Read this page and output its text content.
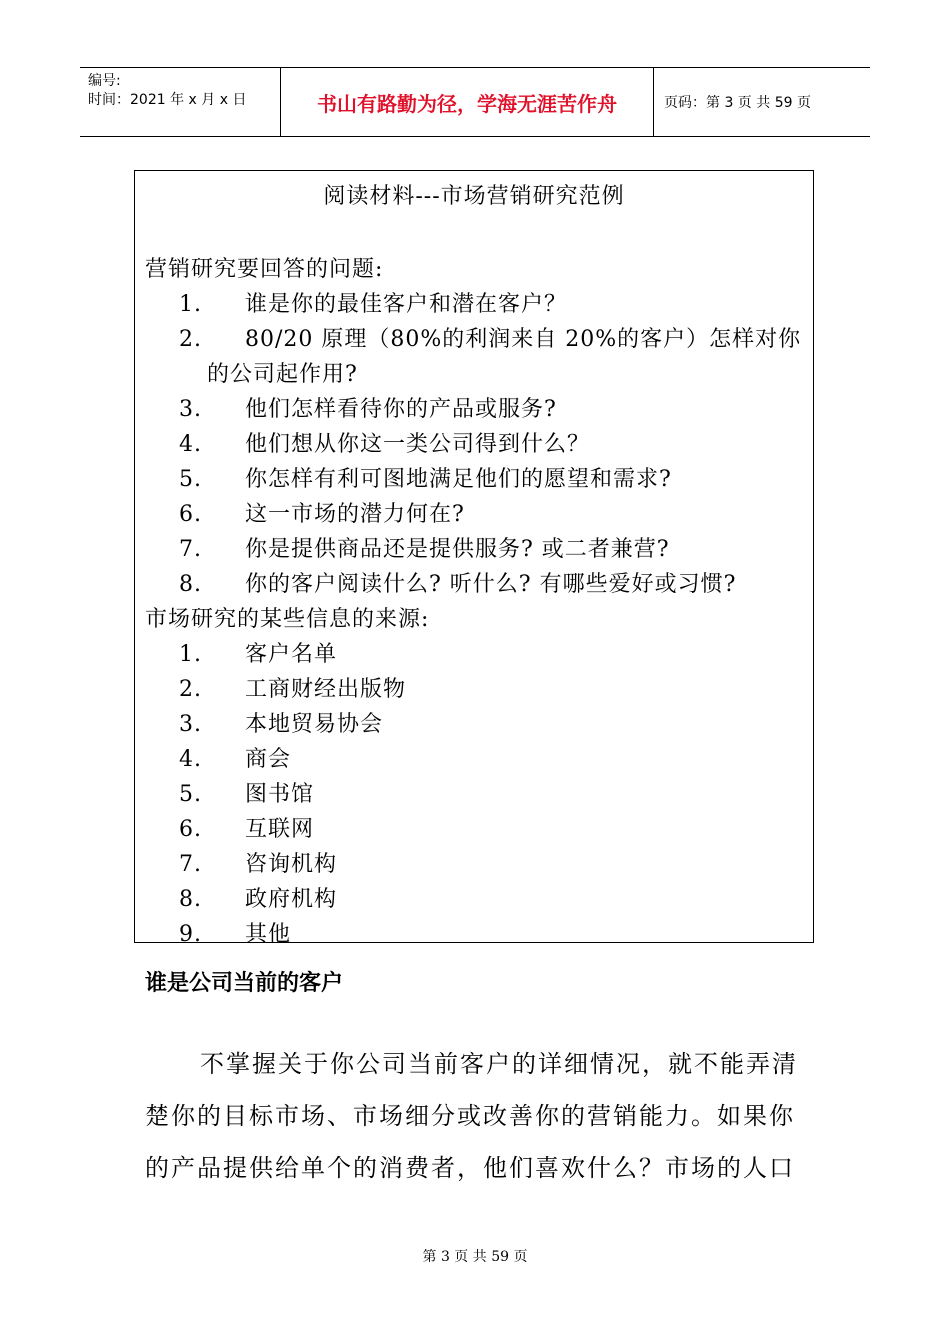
编号:
时间：2021 年 x 月 x 日	书山有路勤为径，学海无涯苦作舟	页码：第 3 页 共 59 页
阅读材料---市场营销研究范例
营销研究要回答的问题:
1. 谁是你的最佳客户和潜在客户？
2. 80/20 原理（80%的利润来自 20%的客户）怎样对你
的公司起作用?
3. 他们怎样看待你的产品或服务?
4. 他们想从你这一类公司得到什么？
5. 你怎样有利可图地满足他们的愿望和需求?
6. 这一市场的潜力何在?
7. 你是提供商品还是提供服务? 或二者兼营?
8. 你的客户阅读什么? 听什么? 有哪些爱好或习惯?
市场研究的某些信息的来源:
1. 客户名单
2. 工商财经出版物
3. 本地贸易协会
4. 商会
5. 图书馆
6. 互联网
7. 咨询机构
8. 政府机构
9. 其他
谁是公司当前的客户
不掌握关于你公司当前客户的详细情况，就不能弄清楚你的目标市场、市场细分或改善你的营销能力。如果你的产品提供给单个的消费者，他们喜欢什么？市场的人口
第 3 页 共 59 页
